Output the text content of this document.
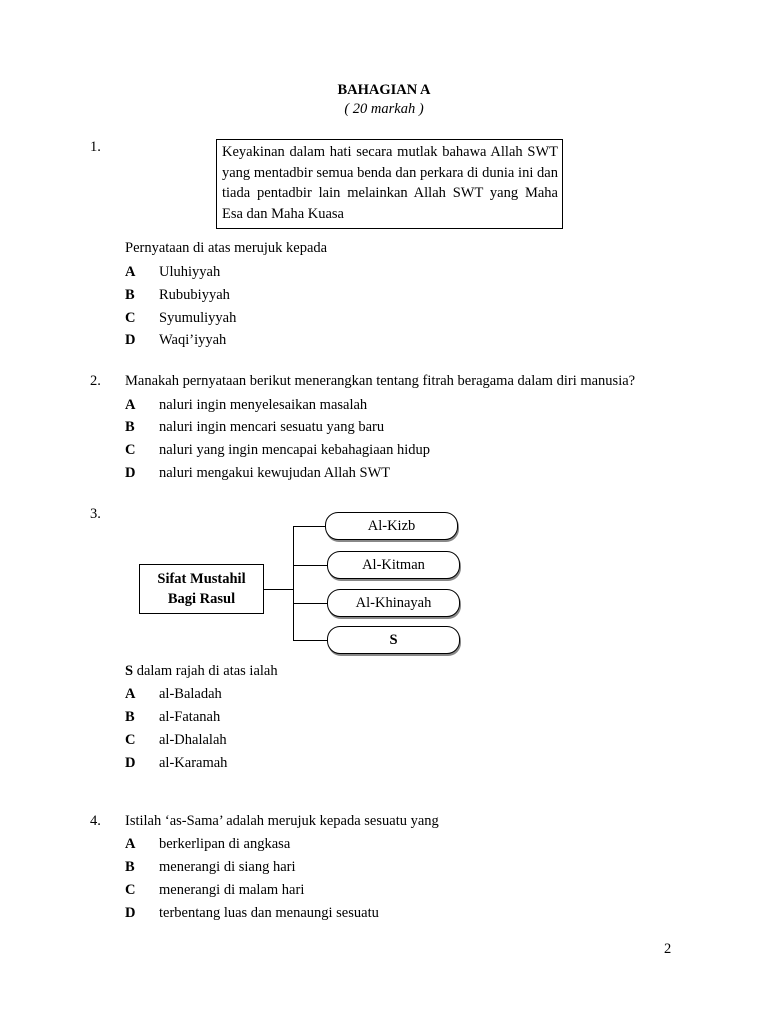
BAHAGIAN A
( 20 markah )
1.	Keyakinan dalam hati secara mutlak bahawa Allah SWT yang mentadbir semua benda dan perkara di dunia ini dan tiada pentadbir lain melainkan Allah SWT yang Maha Esa dan Maha Kuasa
Pernyataan di atas merujuk kepada
A Uluhiyyah
B Rububiyyah
C Syumuliyyah
D Waqi’iyyah
2. Manakah pernyataan berikut menerangkan tentang fitrah beragama dalam diri manusia?
A naluri ingin menyelesaikan masalah
B naluri ingin mencari sesuatu yang baru
C naluri yang ingin mencapai kebahagiaan hidup
D naluri mengakui kewujudan Allah SWT
3.
Sifat Mustahil
Bagi Rasul
Al-Kizb
Al-Kitman
Al-Khinayah
S
S dalam rajah di atas ialah
A al-Baladah
B al-Fatanah
C al-Dhalalah
D al-Karamah
4. Istilah ‘as-Sama’ adalah merujuk kepada sesuatu yang
A berkerlipan di angkasa
B menerangi di siang hari
C menerangi di malam hari
D terbentang luas dan menaungi sesuatu
2
